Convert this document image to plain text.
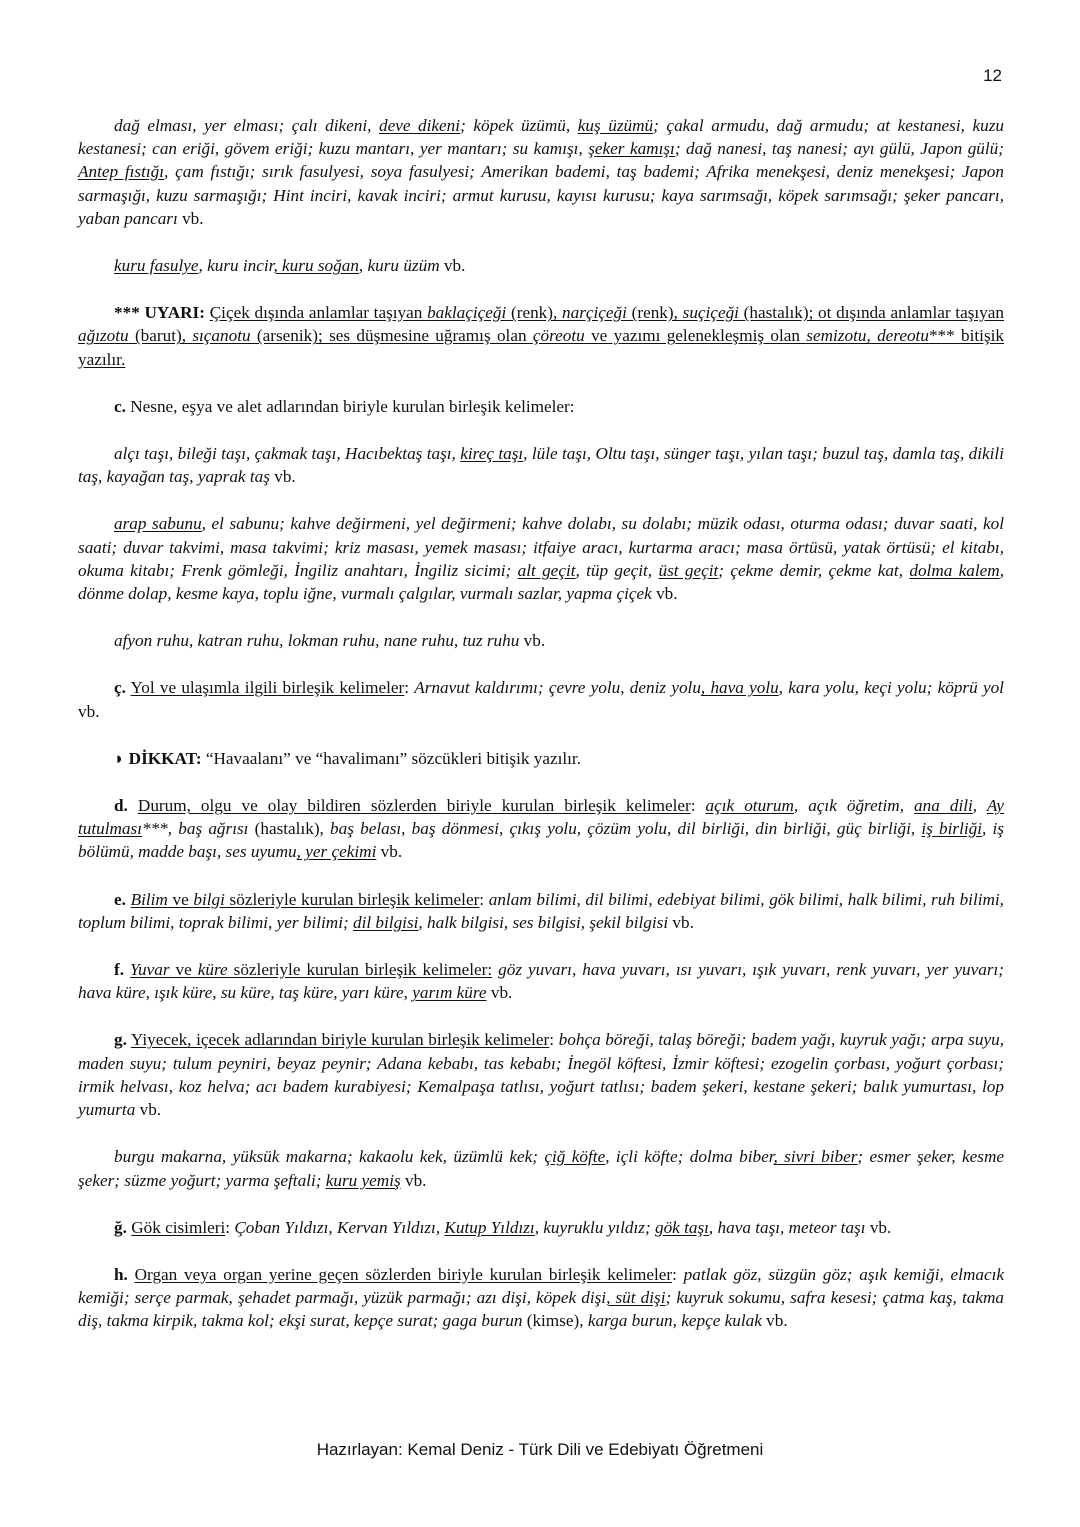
12

dağ elması, yer elması; çalı dikeni, deve dikeni; köpek üzümü, kuş üzümü; çakal armudu, dağ armudu; at kestanesi, kuzu kestanesi; can eriği, gövem eriği; kuzu mantarı, yer mantarı; su kamışı, şeker kamışı; dağ nanesi, taş nanesi; ayı gülü, Japon gülü; Antep fıstığı, çam fıstığı; sırık fasulyesi, soya fasulyesi; Amerikan bademi, taş bademi; Afrika menekşesi, deniz menekşesi; Japon sarmaşığı, kuzu sarmaşığı; Hint inciri, kavak inciri; armut kurusu, kayısı kurusu; kaya sarımsağı, köpek sarımsağı; şeker pancarı, yaban pancarı vb.

kuru fasulye, kuru incir, kuru soğan, kuru üzüm vb.

*** UYARI: Çiçek dışında anlamlar taşıyan baklaçiçeği (renk), narçiçeği (renk), suçiçeği (hastalık); ot dışında anlamlar taşıyan ağızotu (barut), sıçanotu (arsenik); ses düşmesine uğramış olan çöreotu ve yazımı gelenekleşmiş olan semizotu, dereotu*** bitişik yazılır.

c. Nesne, eşya ve alet adlarından biriyle kurulan birleşik kelimeler:

alçı taşı, bileği taşı, çakmak taşı, Hacıbektaş taşı, kireç taşı, lüle taşı, Oltu taşı, sünger taşı, yılan taşı; buzul taş, damla taş, dikili taş, kayağan taş, yaprak taş vb.

arap sabunu, el sabunu; kahve değirmeni, yel değirmeni; kahve dolabı, su dolabı; müzik odası, oturma odası; duvar saati, kol saati; duvar takvimi, masa takvimi; kriz masası, yemek masası; itfaiye aracı, kurtarma aracı; masa örtüsü, yatak örtüsü; el kitabı, okuma kitabı; Frenk gömleği, İngiliz anahtarı, İngiliz sicimi; alt geçit, tüp geçit, üst geçit; çekme demir, çekme kat, dolma kalem, dönme dolap, kesme kaya, toplu iğne, vurmalı çalgılar, vurmalı sazlar, yapma çiçek vb.

afyon ruhu, katran ruhu, lokman ruhu, nane ruhu, tuz ruhu vb.

ç. Yol ve ulaşımla ilgili birleşik kelimeler: Arnavut kaldırımı; çevre yolu, deniz yolu, hava yolu, kara yolu, keçi yolu; köprü yol vb.

◗ DİKKAT: “Havaalanı” ve “havalimanı” sözcükleri bitişik yazılır.

d. Durum, olgu ve olay bildiren sözlerden biriyle kurulan birleşik kelimeler: açık oturum, açık öğretim, ana dili, Ay tutulması***, baş ağrısı (hastalık), baş belası, baş dönmesi, çıkış yolu, çözüm yolu, dil birliği, din birliği, güç birliği, iş birliği, iş bölümü, madde başı, ses uyumu, yer çekimi vb.

e. Bilim ve bilgi sözleriyle kurulan birleşik kelimeler: anlam bilimi, dil bilimi, edebiyat bilimi, gök bilimi, halk bilimi, ruh bilimi, toplum bilimi, toprak bilimi, yer bilimi; dil bilgisi, halk bilgisi, ses bilgisi, şekil bilgisi vb.

f. Yuvar ve küre sözleriyle kurulan birleşik kelimeler: göz yuvarı, hava yuvarı, ısı yuvarı, ışık yuvarı, renk yuvarı, yer yuvarı; hava küre, ışık küre, su küre, taş küre, yarı küre, yarım küre vb.

g. Yiyecek, içecek adlarından biriyle kurulan birleşik kelimeler: bohça böreği, talaş böreği; badem yağı, kuyruk yağı; arpa suyu, maden suyu; tulum peyniri, beyaz peynir; Adana kebabı, tas kebabı; İnegöl köftesi, İzmir köftesi; ezogelin çorbası, yoğurt çorbası; irmik helvası, koz helva; acı badem kurabiyesi; Kemalpaşa tatlısı, yoğurt tatlısı; badem şekeri, kestane şekeri; balık yumurtası, lop yumurta vb.

burgu makarna, yüksük makarna; kakaolu kek, üzümlü kek; çiğ köfte, içli köfte; dolma biber, sivri biber; esmer şeker, kesme şeker; süzme yoğurt; yarma şeftali; kuru yemiş vb.

ğ. Gök cisimleri: Çoban Yıldızı, Kervan Yıldızı, Kutup Yıldızı, kuyruklu yıldız; gök taşı, hava taşı, meteor taşı vb.

h. Organ veya organ yerine geçen sözlerden biriyle kurulan birleşik kelimeler: patlak göz, süzgün göz; aşık kemiği, elmacık kemiği; serçe parmak, şehadet parmağı, yüzük parmağı; azı dişi, köpek dişi, süt dişi; kuyruk sokumu, safra kesesi; çatma kaş, takma diş, takma kirpik, takma kol; ekşi surat, kepçe surat; gaga burun (kimse), karga burun, kepçe kulak vb.

Hazırlayan: Kemal Deniz - Türk Dili ve Edebiyatı Öğretmeni
